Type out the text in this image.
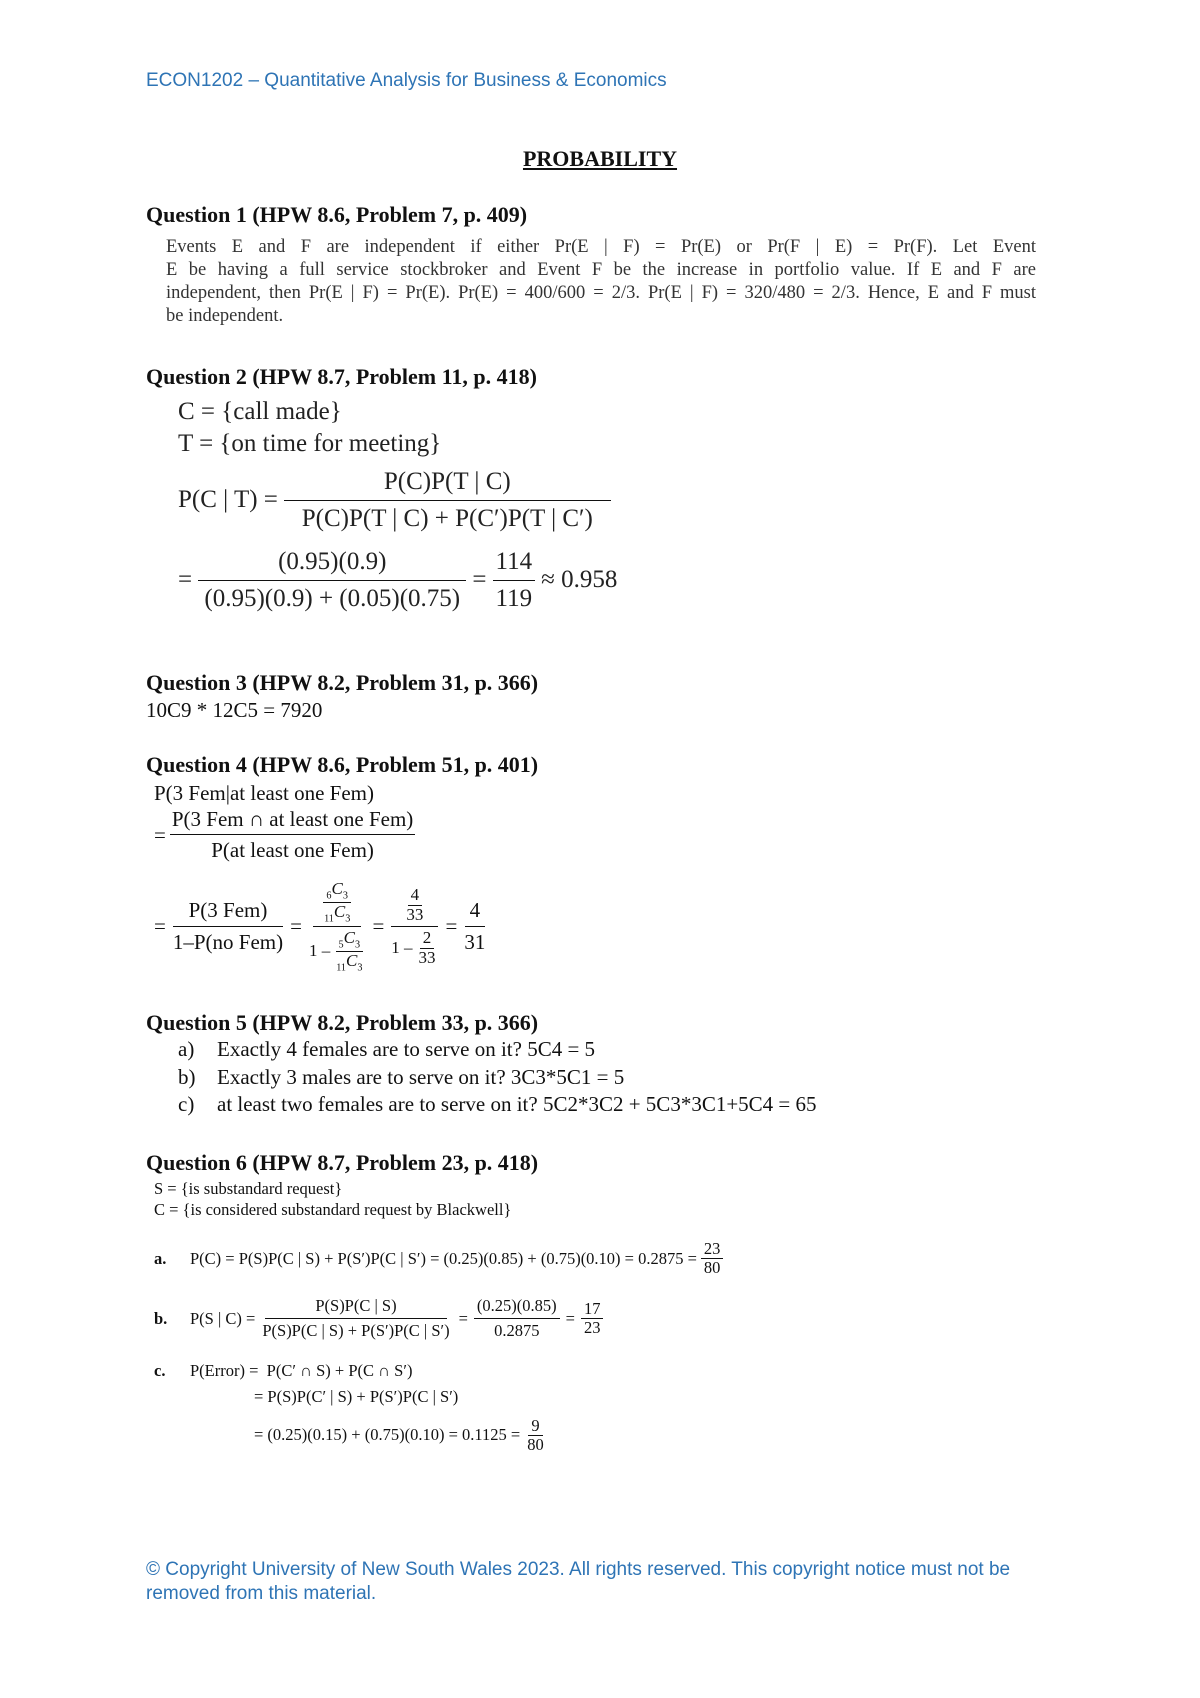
ECON1202 – Quantitative Analysis for Business & Economics
PROBABILITY
Question 1 (HPW 8.6, Problem 7, p. 409)
Events E and F are independent if either Pr(E | F) = Pr(E) or Pr(F | E) = Pr(F). Let Event
E be having a full service stockbroker and Event F be the increase in portfolio value. If E and F are
independent, then Pr(E | F) = Pr(E). Pr(E) = 400/600 = 2/3. Pr(E | F) = 320/480 = 2/3. Hence, E and F must
be independent.
Question 2 (HPW 8.7, Problem 11, p. 418)
C = {call made}
T = {on time for meeting}
P(C | $T) = \frac{P(C)P(T | C)}{P(C)P(T | C) + P(C')P(T | C')}$
= $\frac{(0.95)(0.9)}{(0.95)(0.9) + (0.05)(0.75)} = \frac{114}{119} \approx 0.958$
Question 3 (HPW 8.2, Problem 31, p. 366)
10C9 * 12C5 = 7920
Question 4 (HPW 8.6, Problem 51, p. 401)
P(3 Fem|at least one Fem)
= $\frac{\text{P(3 Fem ∩ at least one Fem)}}{\text{P(at least one Fem)}}$
= $\frac{\text{P(3 Fem)}}{\text{1–P(no Fem)}} = \frac{\frac{_6C_3}{_{11}C_3}}{1 - \frac{_5C_3}{_{11}C_3}} = \frac{\frac{4}{33}}{1 - \frac{2}{33}} = \frac{4}{31}$
Question 5 (HPW 8.2, Problem 33, p. 366)
a)	Exactly 4 females are to serve on it? 5C4 = 5
b)	Exactly 3 males are to serve on it? 3C3*5C1 = 5
c)	at least two females are to serve on it? 5C2*3C2 + 5C3*3C1+5C4 = 65
Question 6 (HPW 8.7, Problem 23, p. 418)
S = {is substandard request}
C = {is considered substandard request by Blackwell}
a.	P(C) = P(S)P(C | S) + P(S′)P(C | $S') = (0.25)(0.85) + (0.75)(0.10) = 0.2875 = \frac{23}{80}$
b.	P(S | $C) = \frac{P(S)P(C | S)}{P(S)P(C | S) + P(S')P(C | S')} = \frac{(0.25)(0.85)}{0.2875} = \frac{17}{23}$
c.	P(Error) =  P(C′ ∩ S) + P(C ∩ S′)
= P(S)P(C′ | S) + P(S′)P(C | S′)
= $(0.25)(0.15) + (0.75)(0.10) = 0.1125 = \frac{9}{80}$
© Copyright University of New South Wales 2023. All rights reserved. This copyright notice must not be removed from this material.
